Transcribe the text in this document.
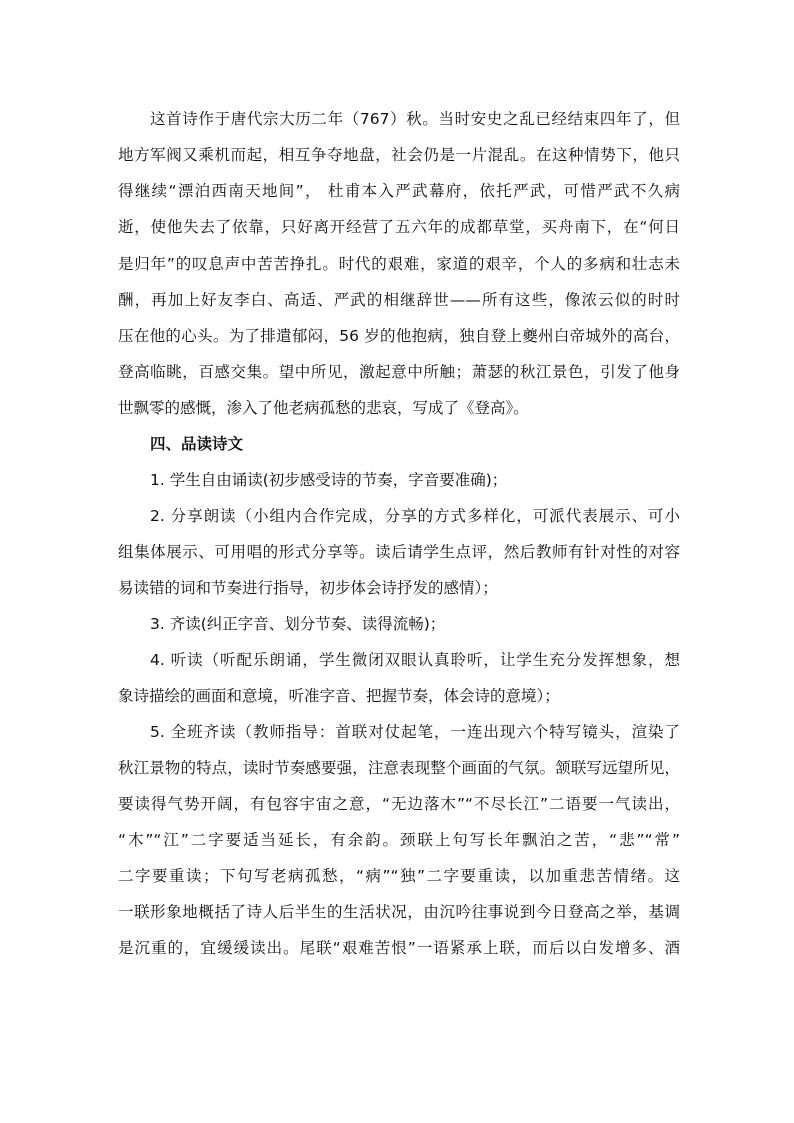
这首诗作于唐代宗大历二年（767）秋。当时安史之乱已经结束四年了，但
地方军阀又乘机而起，相互争夺地盘，社会仍是一片混乱。在这种情势下，他只
得继续“漂泊西南天地间”， 杜甫本入严武幕府，依托严武，可惜严武不久病
逝，使他失去了依靠，只好离开经营了五六年的成都草堂，买舟南下，在“何日
是归年”的叹息声中苦苦挣扎。时代的艰难，家道的艰辛，个人的多病和壮志未
酬，再加上好友李白、高适、严武的相继辞世——所有这些，像浓云似的时时
压在他的心头。为了排遣郁闷，56 岁的他抱病，独自登上夔州白帝城外的高台，
登高临眺，百感交集。望中所见，激起意中所触；萧瑟的秋江景色，引发了他身
世飘零的感慨，渗入了他老病孤愁的悲哀，写成了《登高》。
四、品读诗文
1. 学生自由诵读(初步感受诗的节奏，字音要准确)；
2. 分享朗读（小组内合作完成，分享的方式多样化，可派代表展示、可小
组集体展示、可用唱的形式分享等。读后请学生点评，然后教师有针对性的对容
易读错的词和节奏进行指导，初步体会诗抒发的感情）；
3. 齐读(纠正字音、划分节奏、读得流畅)；
4. 听读（听配乐朗诵，学生微闭双眼认真聆听，让学生充分发挥想象，想
象诗描绘的画面和意境，听准字音、把握节奏，体会诗的意境）；
5. 全班齐读（教师指导：首联对仗起笔，一连出现六个特写镜头，渲染了
秋江景物的特点，读时节奏感要强，注意表现整个画面的气氛。颔联写远望所见，
要读得气势开阔，有包容宇宙之意，“无边落木”“不尽长江”二语要一气读出，
“木”“江”二字要适当延长，有余韵。颈联上句写长年飘泊之苦，“悲”“常”
二字要重读；下句写老病孤愁，“病”“独”二字要重读，以加重悲苦情绪。这
一联形象地概括了诗人后半生的生活状况，由沉吟往事说到今日登高之举，基调
是沉重的，宜缓缓读出。尾联“艰难苦恨”一语紧承上联，而后以白发增多、酒
